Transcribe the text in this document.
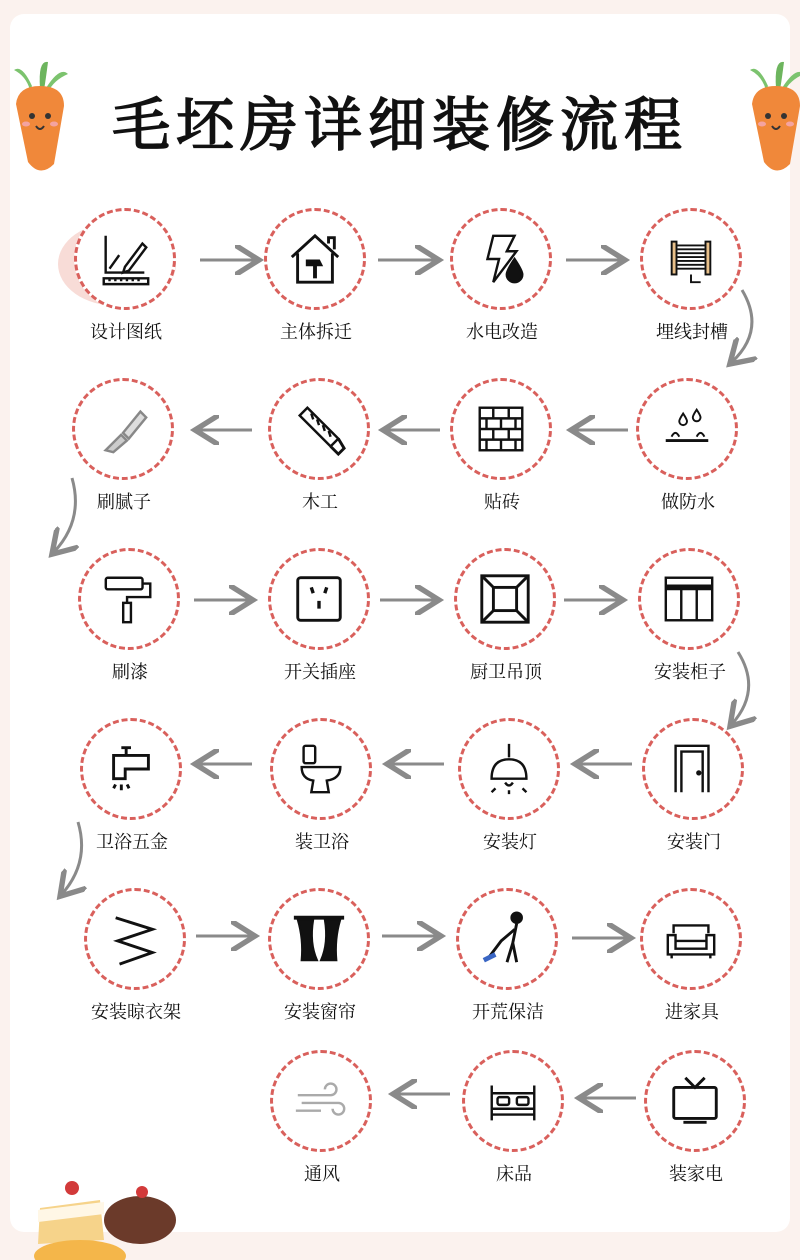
毛坯房详细装修流程
设计图纸	主体拆迁	水电改造	埋线封槽
做防水
贴砖
木工
刷腻子
刷漆	开关插座	厨卫吊顶	安装柜子
安装门
安装灯
装卫浴
卫浴五金
安装晾衣架	安装窗帘	开荒保洁	进家具
装家电
床品
通风
